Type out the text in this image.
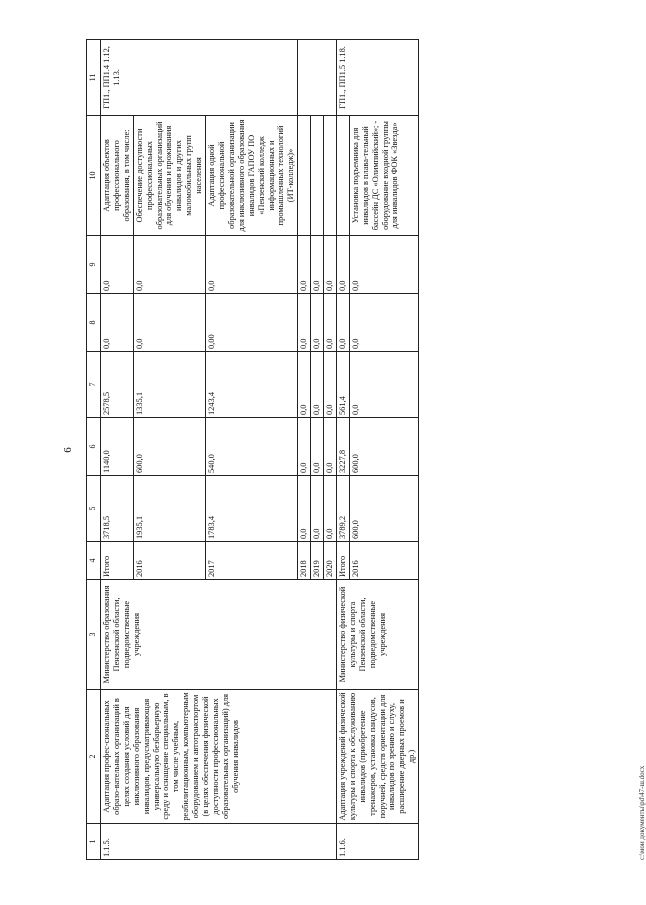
6
1	2	3	4	5	6	7	8	9	10	11
1.1.5.	Адаптация профес-сиональных образо-вательных организаций в целях создания условий для инклюзивного образования инвалидов, предусматривающая универсальную безбарьерную среду и оснащение специальным, в том числе учебным, реабилитационным, компьютерным оборудованием и автотранспортом (в целях обеспечения физической доступности профессиональных образовательных организаций) для обучения инвалидов	Министерство образования Пензенской области, подведомственные учреждения	Итого	3718,5	1140,0	2578,5	0,0	0,0	Адаптация объектов профессионального образования, в том числе:	ГП1., ПП1.4 1.12, 1.13.
			2016	1935,1	600,0	1335,1	0,0	0,0	Обеспечение доступности профессиональных образовательных организаций для обучения и проживания инвалидов и других маломобильных групп населения	
			2017	1783,4	540,0	1243,4	0,00	0,0	Адаптация одной профессиональной образовательной организации для инклюзивного образования инвалидов ГАПОУ ПО «Пензенский колледж информационных и промышленных технологий (ИТ-колледж)»	
			2018	0,0	0,0	0,0	0,0	0,0		
			2019	0,0	0,0	0,0	0,0	0,0		
			2020	0,0	0,0	0,0	0,0	0,0		
1.1.6.	Адаптация учреждений физической культуры и спорта к обслуживанию инвалидов (приобретение тренажеров, установка пандусов, поручней, средств ориентации для инвалидов по зрению и слуху, расширение дверных проемов и др.)	Министерство физической культуры и спорта Пензенской области, подведомственные учреждения	Итого	3789,2	3227,8	561,4	0,0	0,0		ГП1., ПП1.5 1.18.
			2016	600,0	600,0	0,0	0,0	0,0	Установка подъемника для инвалидов в плава-тельный бассейн ДС «Олимпийский»; - оборудование входной группы для инвалидов ФОК «Звезда»	
c:\мои документы\pd\47-ш.docx
